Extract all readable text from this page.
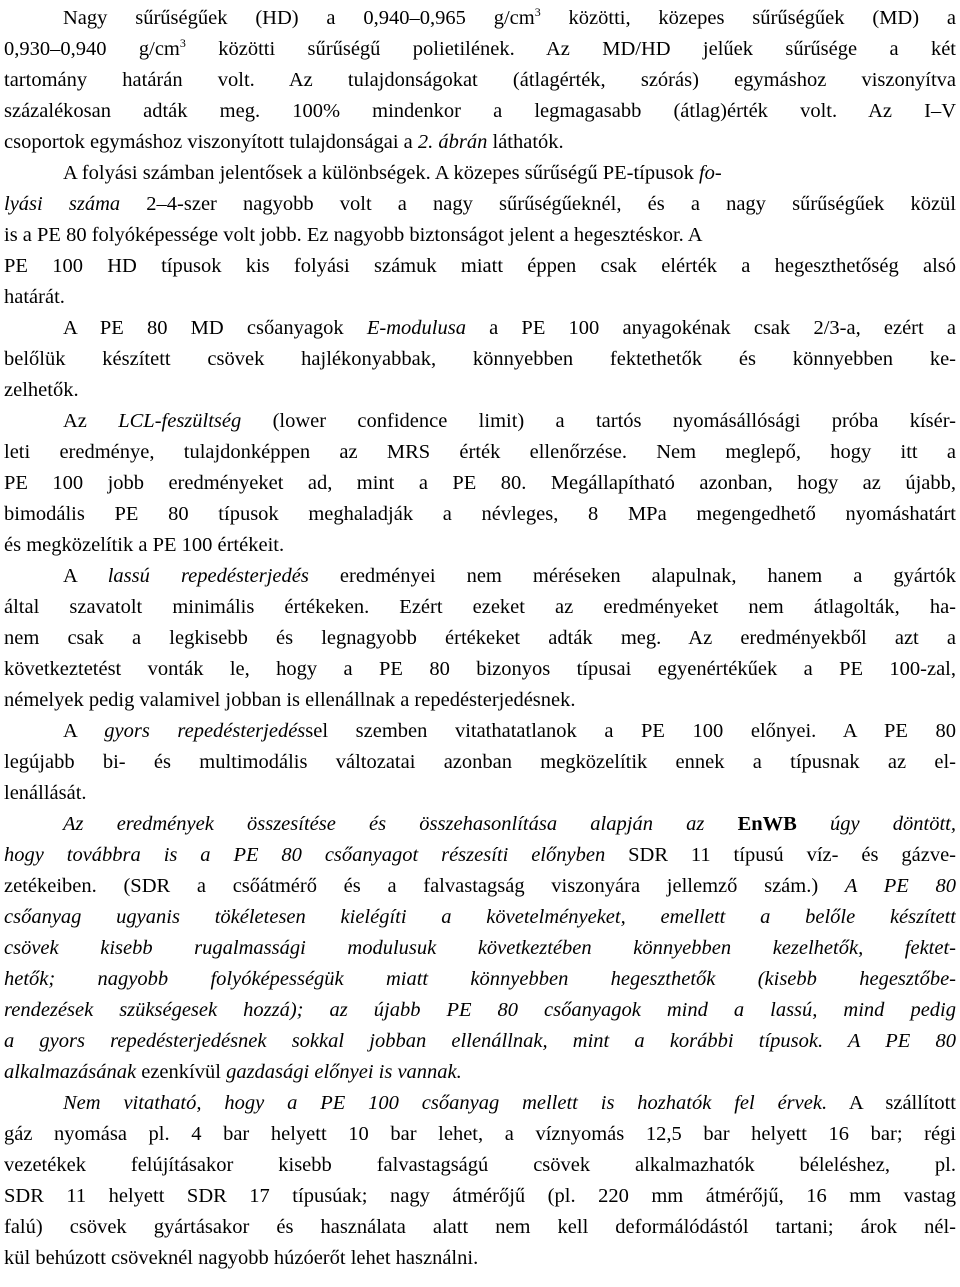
Nagy sűrűségűek (HD) a 0,940–0,965 $g/cm^3$ közötti, közepes sűrűségűek (MD) a
0,930–0,940 $g/cm^3$ közötti sűrűségű polietilének. Az MD/HD jelűek sűrűsége a két
tartomány határán volt. Az tulajdonságokat (átlagérték, szórás) egymáshoz viszonyítva
százalékosan adták meg. 100% mindenkor a legmagasabb (átlag)érték volt. Az I–V
csoportok egymáshoz viszonyított tulajdonságai a 2. ábrán láthatók.
A folyási számban jelentősek a különbségek. A közepes sűrűségű PE-típusok fo-
lyási száma 2–4-szer nagyobb volt a nagy sűrűségűeknél, és a nagy sűrűségűek közül
is a PE 80 folyóképessége volt jobb. Ez nagyobb biztonságot jelent a hegesztéskor. A
PE 100 HD típusok kis folyási számuk miatt éppen csak elérték a hegeszthetőség alsó
határát.
A PE 80 MD csőanyagok E-modulusa a PE 100 anyagokénak csak 2/3-a, ezért a
belőlük készített csövek hajlékonyabbak, könnyebben fektethetők és könnyebben ke-
zelhetők.
Az LCL-feszültség (lower confidence limit) a tartós nyomásállósági próba kísér-
leti eredménye, tulajdonképpen az MRS érték ellenőrzése. Nem meglepő, hogy itt a
PE 100 jobb eredményeket ad, mint a PE 80. Megállapítható azonban, hogy az újabb,
bimodális PE 80 típusok meghaladják a névleges, 8 MPa megengedhető nyomáshatárt
és megközelítik a PE 100 értékeit.
A lassú repedésterjedés eredményei nem méréseken alapulnak, hanem a gyártók
által szavatolt minimális értékeken. Ezért ezeket az eredményeket nem átlagolták, ha-
nem csak a legkisebb és legnagyobb értékeket adták meg. Az eredményekből azt a
következtetést vonták le, hogy a PE 80 bizonyos típusai egyenértékűek a PE 100-zal,
némelyek pedig valamivel jobban is ellenállnak a repedésterjedésnek.
A gyors repedésterjedéssel szemben vitathatatlanok a PE 100 előnyei. A PE 80
legújabb bi- és multimodális változatai azonban megközelítik ennek a típusnak az el-
lenállását.
Az eredmények összesítése és összehasonlítása alapján az EnWB úgy döntött,
hogy továbbra is a PE 80 csőanyagot részesíti előnyben SDR 11 típusú víz- és gázve-
zetékeiben. (SDR a csőátmérő és a falvastagság viszonyára jellemző szám.) A PE 80
csőanyag ugyanis tökéletesen kielégíti a követelményeket, emellett a belőle készített
csövek kisebb rugalmassági modulusuk következtében könnyebben kezelhetők, fektet-
hetők; nagyobb folyóképességük miatt könnyebben hegeszthetők (kisebb hegesztőbe-
rendezések szükségesek hozzá); az újabb PE 80 csőanyagok mind a lassú, mind pedig
a gyors repedésterjedésnek sokkal jobban ellenállnak, mint a korábbi típusok. A PE 80
alkalmazásának ezenkívül gazdasági előnyei is vannak.
Nem vitatható, hogy a PE 100 csőanyag mellett is hozhatók fel érvek. A szállított
gáz nyomása pl. 4 bar helyett 10 bar lehet, a víznyomás 12,5 bar helyett 16 bar; régi
vezetékek felújításakor kisebb falvastagságú csövek alkalmazhatók béleléshez, pl.
SDR 11 helyett SDR 17 típusúak; nagy átmérőjű (pl. 220 mm átmérőjű, 16 mm vastag
falú) csövek gyártásakor és használata alatt nem kell deformálódástól tartani; árok nél-
kül behúzott csöveknél nagyobb húzóerőt lehet használni.
